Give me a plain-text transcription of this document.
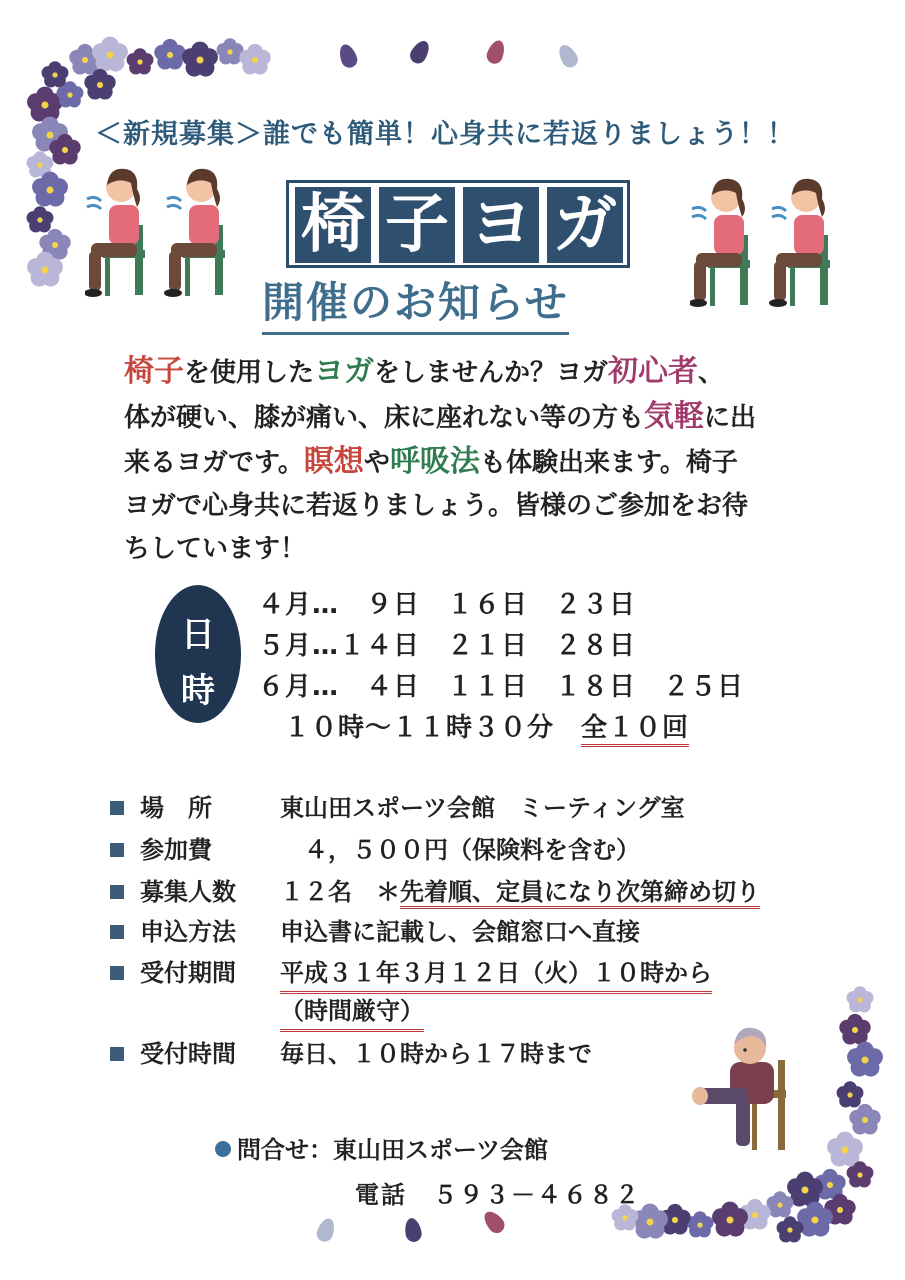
＜新規募集＞誰でも簡単！心身共に若返りましょう！！
椅 子 ヨ ガ
開催のお知らせ
椅子を使用したヨガをしませんか？ヨガ初心者、
体が硬い、膝が痛い、床に座れない等の方も気軽に出
来るヨガです。瞑想や呼吸法も体験出来ます。椅子
ヨガで心身共に若返りましょう。皆様のご参加をお待
ちしています！
日
時
４月…　９日　１６日　２３日
５月…１４日　２１日　２８日
６月…　４日　１１日　１８日　２５日
１０時～１１時３０分　 全１０回
場　所	東山田スポーツ会館　ミーティング室
参加費	　４，５００円（保険料を含む）
募集人数 １２名　＊先着順、定員になり次第締め切り
申込方法 申込書に記載し、会館窓口へ直接
受付期間 平成３１年３月１２日（火）１０時から
（時間厳守）
受付時間 毎日、１０時から１７時まで
問合せ：東山田スポーツ会館
電話　５９３－４６８２
